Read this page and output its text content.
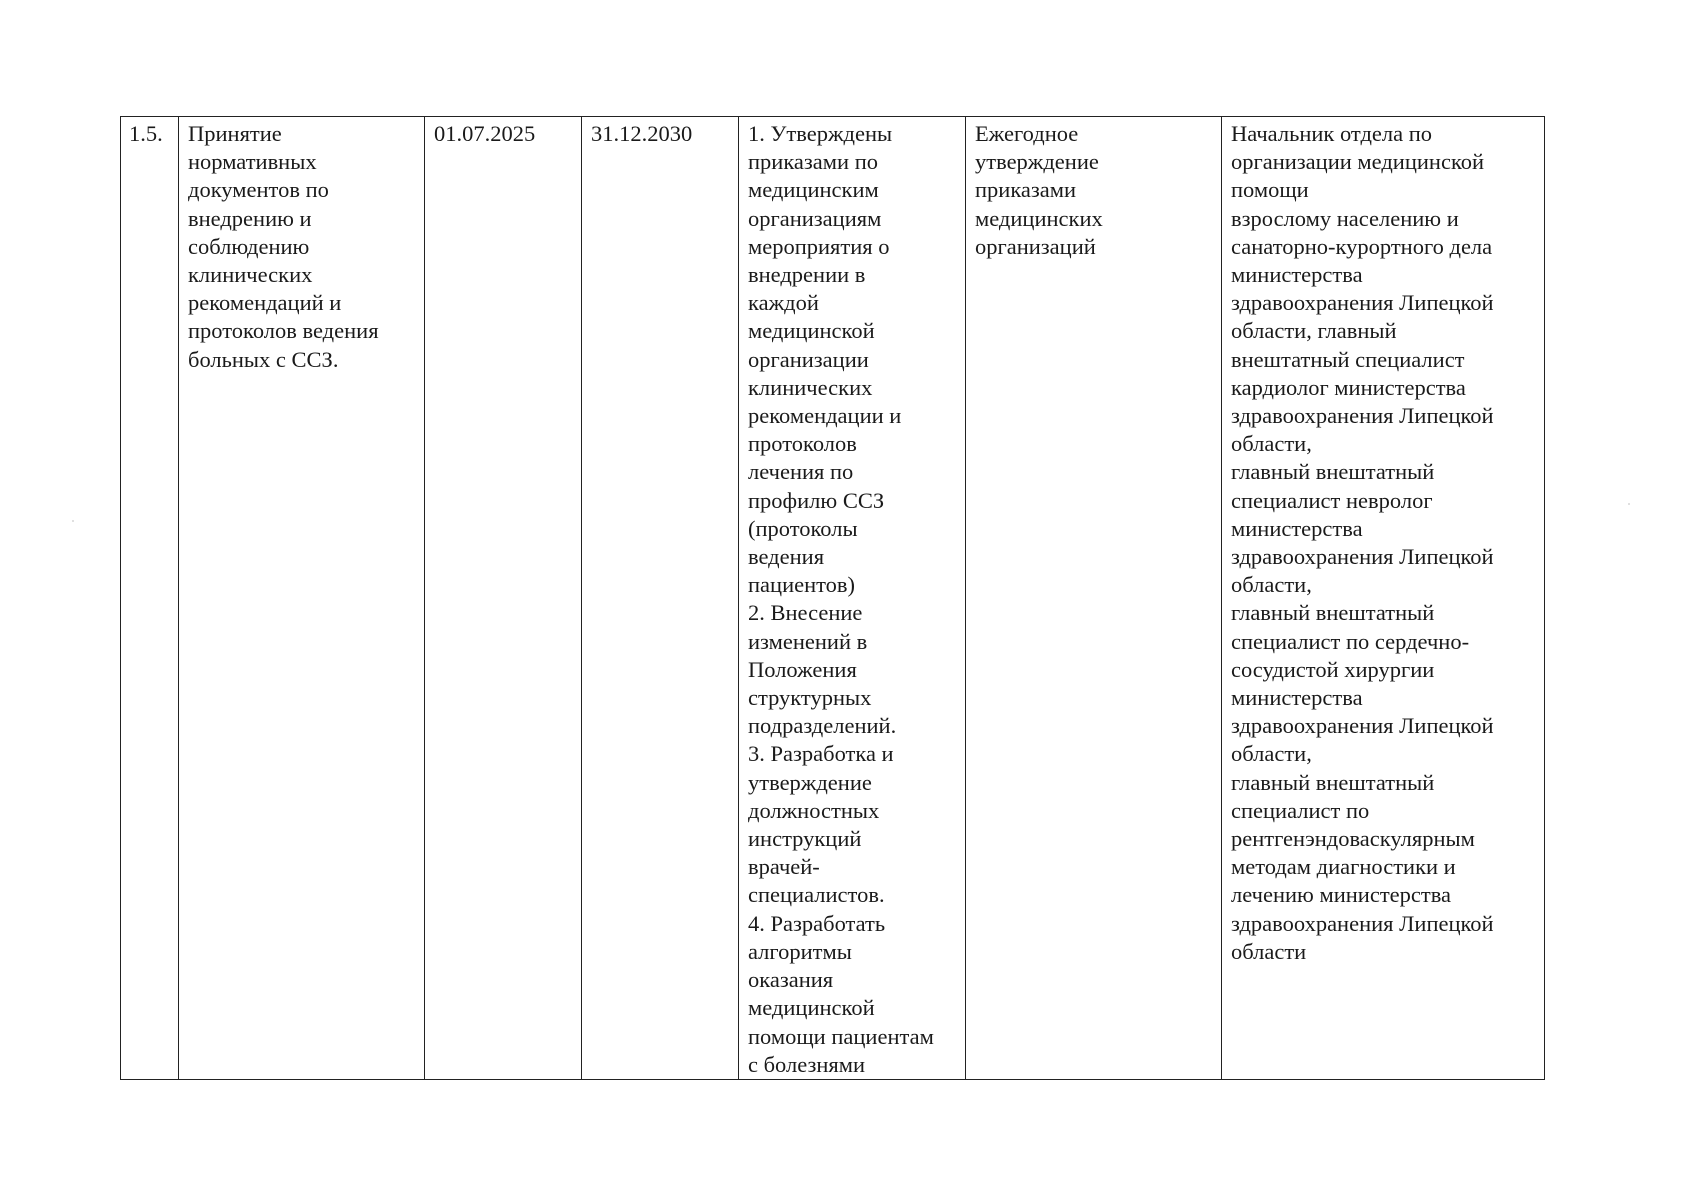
1.5.	Принятие
нормативных
документов по
внедрению и
соблюдению
клинических
рекомендаций и
протоколов ведения
больных с ССЗ.	01.07.2025	31.12.2030	1. Утверждены
приказами по
медицинским
организациям
мероприятия о
внедрении в
каждой
медицинской
организации
клинических
рекомендации и
протоколов
лечения по
профилю ССЗ
(протоколы
ведения
пациентов)
2. Внесение
изменений в
Положения
структурных
подразделений.
3. Разработка и
утверждение
должностных
инструкций
врачей-
специалистов.
4. Разработать
алгоритмы
оказания
медицинской
помощи пациентам
с болезнями	Ежегодное
утверждение
приказами
медицинских
организаций	Начальник отдела по
организации медицинской
помощи
взрослому населению и
санаторно-курортного дела
министерства
здравоохранения Липецкой
области, главный
внештатный специалист
кардиолог министерства
здравоохранения Липецкой
области,
главный внештатный
специалист невролог
министерства
здравоохранения Липецкой
области,
главный внештатный
специалист по сердечно-
сосудистой хирургии
министерства
здравоохранения Липецкой
области,
главный внештатный
специалист по
рентгенэндоваскулярным
методам диагностики и
лечению министерства
здравоохранения Липецкой
области
